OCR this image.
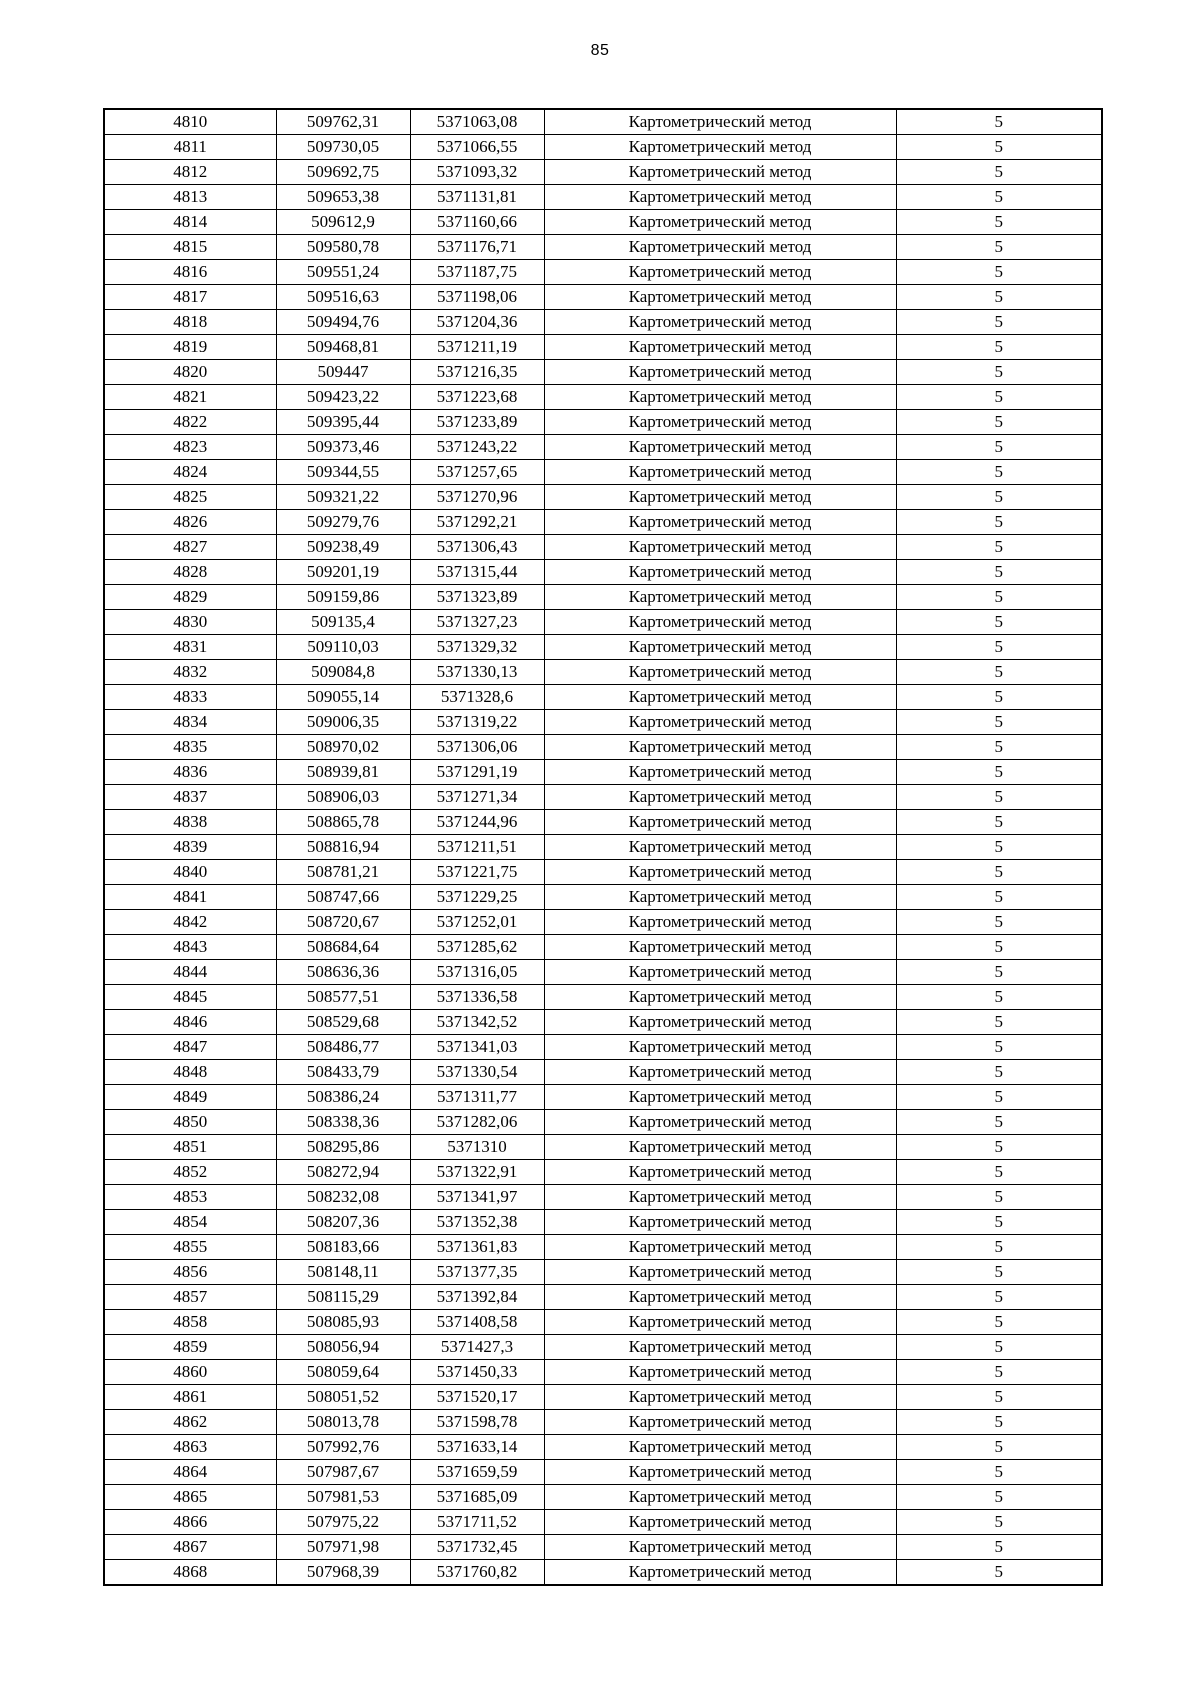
85
4810	509762,31	5371063,08	Картометрический метод	5
4811	509730,05	5371066,55	Картометрический метод	5
4812	509692,75	5371093,32	Картометрический метод	5
4813	509653,38	5371131,81	Картометрический метод	5
4814	509612,9	5371160,66	Картометрический метод	5
4815	509580,78	5371176,71	Картометрический метод	5
4816	509551,24	5371187,75	Картометрический метод	5
4817	509516,63	5371198,06	Картометрический метод	5
4818	509494,76	5371204,36	Картометрический метод	5
4819	509468,81	5371211,19	Картометрический метод	5
4820	509447	5371216,35	Картометрический метод	5
4821	509423,22	5371223,68	Картометрический метод	5
4822	509395,44	5371233,89	Картометрический метод	5
4823	509373,46	5371243,22	Картометрический метод	5
4824	509344,55	5371257,65	Картометрический метод	5
4825	509321,22	5371270,96	Картометрический метод	5
4826	509279,76	5371292,21	Картометрический метод	5
4827	509238,49	5371306,43	Картометрический метод	5
4828	509201,19	5371315,44	Картометрический метод	5
4829	509159,86	5371323,89	Картометрический метод	5
4830	509135,4	5371327,23	Картометрический метод	5
4831	509110,03	5371329,32	Картометрический метод	5
4832	509084,8	5371330,13	Картометрический метод	5
4833	509055,14	5371328,6	Картометрический метод	5
4834	509006,35	5371319,22	Картометрический метод	5
4835	508970,02	5371306,06	Картометрический метод	5
4836	508939,81	5371291,19	Картометрический метод	5
4837	508906,03	5371271,34	Картометрический метод	5
4838	508865,78	5371244,96	Картометрический метод	5
4839	508816,94	5371211,51	Картометрический метод	5
4840	508781,21	5371221,75	Картометрический метод	5
4841	508747,66	5371229,25	Картометрический метод	5
4842	508720,67	5371252,01	Картометрический метод	5
4843	508684,64	5371285,62	Картометрический метод	5
4844	508636,36	5371316,05	Картометрический метод	5
4845	508577,51	5371336,58	Картометрический метод	5
4846	508529,68	5371342,52	Картометрический метод	5
4847	508486,77	5371341,03	Картометрический метод	5
4848	508433,79	5371330,54	Картометрический метод	5
4849	508386,24	5371311,77	Картометрический метод	5
4850	508338,36	5371282,06	Картометрический метод	5
4851	508295,86	5371310	Картометрический метод	5
4852	508272,94	5371322,91	Картометрический метод	5
4853	508232,08	5371341,97	Картометрический метод	5
4854	508207,36	5371352,38	Картометрический метод	5
4855	508183,66	5371361,83	Картометрический метод	5
4856	508148,11	5371377,35	Картометрический метод	5
4857	508115,29	5371392,84	Картометрический метод	5
4858	508085,93	5371408,58	Картометрический метод	5
4859	508056,94	5371427,3	Картометрический метод	5
4860	508059,64	5371450,33	Картометрический метод	5
4861	508051,52	5371520,17	Картометрический метод	5
4862	508013,78	5371598,78	Картометрический метод	5
4863	507992,76	5371633,14	Картометрический метод	5
4864	507987,67	5371659,59	Картометрический метод	5
4865	507981,53	5371685,09	Картометрический метод	5
4866	507975,22	5371711,52	Картометрический метод	5
4867	507971,98	5371732,45	Картометрический метод	5
4868	507968,39	5371760,82	Картометрический метод	5
